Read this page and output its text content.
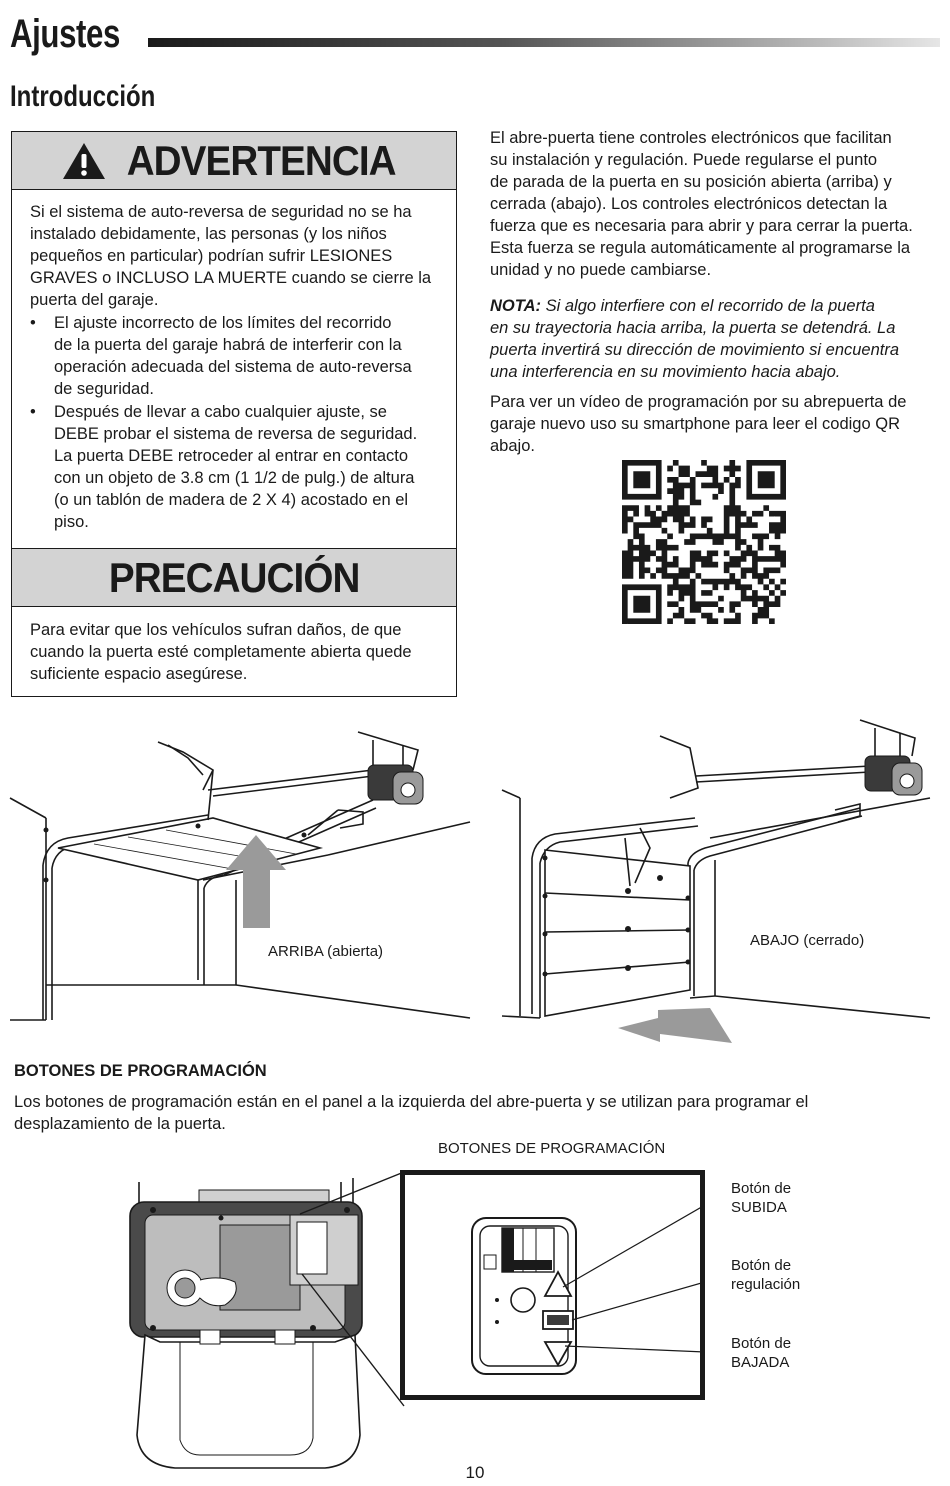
Ajustes
Introducción
ADVERTENCIA
Si el sistema de auto-reversa de seguridad no se ha
instalado debidamente, las personas (y los niños
pequeños en particular) podrían sufrir LESIONES
GRAVES o INCLUSO LA MUERTE cuando se cierre la
puerta del garaje.
• El ajuste incorrecto de los límites del recorrido
de la puerta del garaje habrá de interferir con la
operación adecuada del sistema de auto-reversa
de seguridad.
• Después de llevar a cabo cualquier ajuste, se
DEBE probar el sistema de reversa de seguridad.
La puerta DEBE retroceder al entrar en contacto
con un objeto de 3.8 cm (1 1/2 de pulg.) de altura
(o un tablón de madera de 2 X 4) acostado en el
piso.
PRECAUCIÓN
Para evitar que los vehículos sufran daños, de que
cuando la puerta esté completamente abierta quede
suficiente espacio asegúrese.
El abre-puerta tiene controles electrónicos que facilitan
su instalación y regulación. Puede regularse el punto
de parada de la puerta en su posición abierta (arriba) y
cerrada (abajo). Los controles electrónicos detectan la
fuerza que es necesaria para abrir y para cerrar la puerta.
Esta fuerza se regula automáticamente al programarse la
unidad y no puede cambiarse.
NOTA: Si algo interfiere con el recorrido de la puerta
en su trayectoria hacia arriba, la puerta se detendrá. La
puerta invertirá su dirección de movimiento si encuentra
una interferencia en su movimiento hacia abajo.
Para ver un vídeo de programación por su abrepuerta de
garaje nuevo uso su smartphone para leer el codigo QR
abajo.
ARRIBA (abierta)
ABAJO (cerrado)
BOTONES DE PROGRAMACIÓN
Los botones de programación están en el panel a la izquierda del abre-puerta y se utilizan para programar el
desplazamiento de la puerta.
BOTONES DE PROGRAMACIÓN
Botón de
SUBIDA
Botón de
regulación
Botón de
BAJADA
10
